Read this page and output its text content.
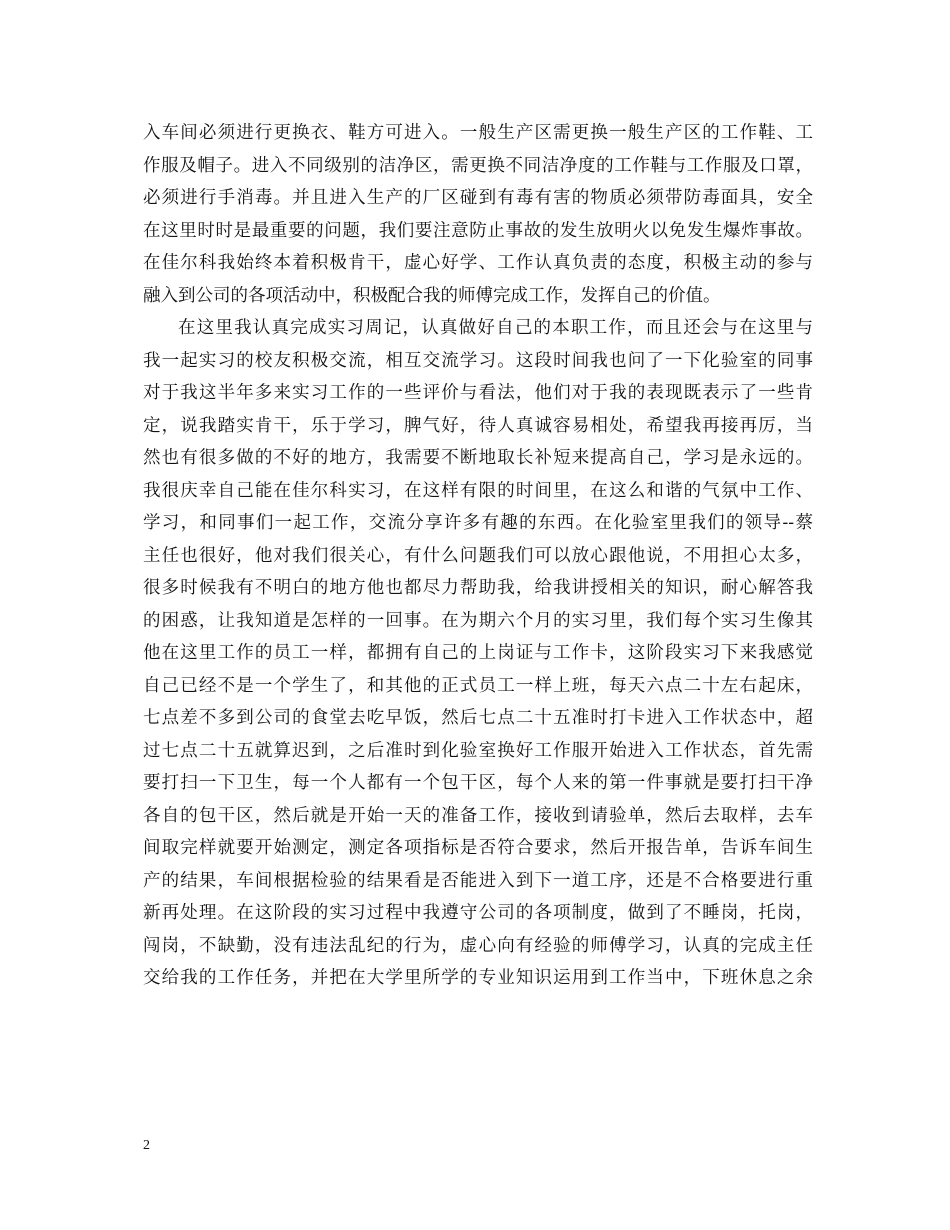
入车间必须进行更换衣、鞋方可进入。一般生产区需更换一般生产区的工作鞋、工
作服及帽子。进入不同级别的洁净区，需更换不同洁净度的工作鞋与工作服及口罩，
必须进行手消毒。并且进入生产的厂区碰到有毒有害的物质必须带防毒面具，安全
在这里时时是最重要的问题，我们要注意防止事故的发生放明火以免发生爆炸事故。
在佳尔科我始终本着积极肯干，虚心好学、工作认真负责的态度，积极主动的参与
融入到公司的各项活动中，积极配合我的师傅完成工作，发挥自己的价值。
在这里我认真完成实习周记，认真做好自己的本职工作，而且还会与在这里与
我一起实习的校友积极交流，相互交流学习。这段时间我也问了一下化验室的同事
对于我这半年多来实习工作的一些评价与看法，他们对于我的表现既表示了一些肯
定，说我踏实肯干，乐于学习，脾气好，待人真诚容易相处，希望我再接再厉，当
然也有很多做的不好的地方，我需要不断地取长补短来提高自己，学习是永远的。
我很庆幸自己能在佳尔科实习，在这样有限的时间里，在这么和谐的气氛中工作、
学习，和同事们一起工作，交流分享许多有趣的东西。在化验室里我们的领导--蔡
主任也很好，他对我们很关心，有什么问题我们可以放心跟他说，不用担心太多，
很多时候我有不明白的地方他也都尽力帮助我，给我讲授相关的知识，耐心解答我
的困惑，让我知道是怎样的一回事。在为期六个月的实习里，我们每个实习生像其
他在这里工作的员工一样，都拥有自己的上岗证与工作卡，这阶段实习下来我感觉
自己已经不是一个学生了，和其他的正式员工一样上班，每天六点二十左右起床，
七点差不多到公司的食堂去吃早饭，然后七点二十五准时打卡进入工作状态中，超
过七点二十五就算迟到，之后准时到化验室换好工作服开始进入工作状态，首先需
要打扫一下卫生，每一个人都有一个包干区，每个人来的第一件事就是要打扫干净
各自的包干区，然后就是开始一天的准备工作，接收到请验单，然后去取样，去车
间取完样就要开始测定，测定各项指标是否符合要求，然后开报告单，告诉车间生
产的结果，车间根据检验的结果看是否能进入到下一道工序，还是不合格要进行重
新再处理。在这阶段的实习过程中我遵守公司的各项制度，做到了不睡岗，托岗，
闯岗，不缺勤，没有违法乱纪的行为，虚心向有经验的师傅学习，认真的完成主任
交给我的工作任务，并把在大学里所学的专业知识运用到工作当中，下班休息之余
2
